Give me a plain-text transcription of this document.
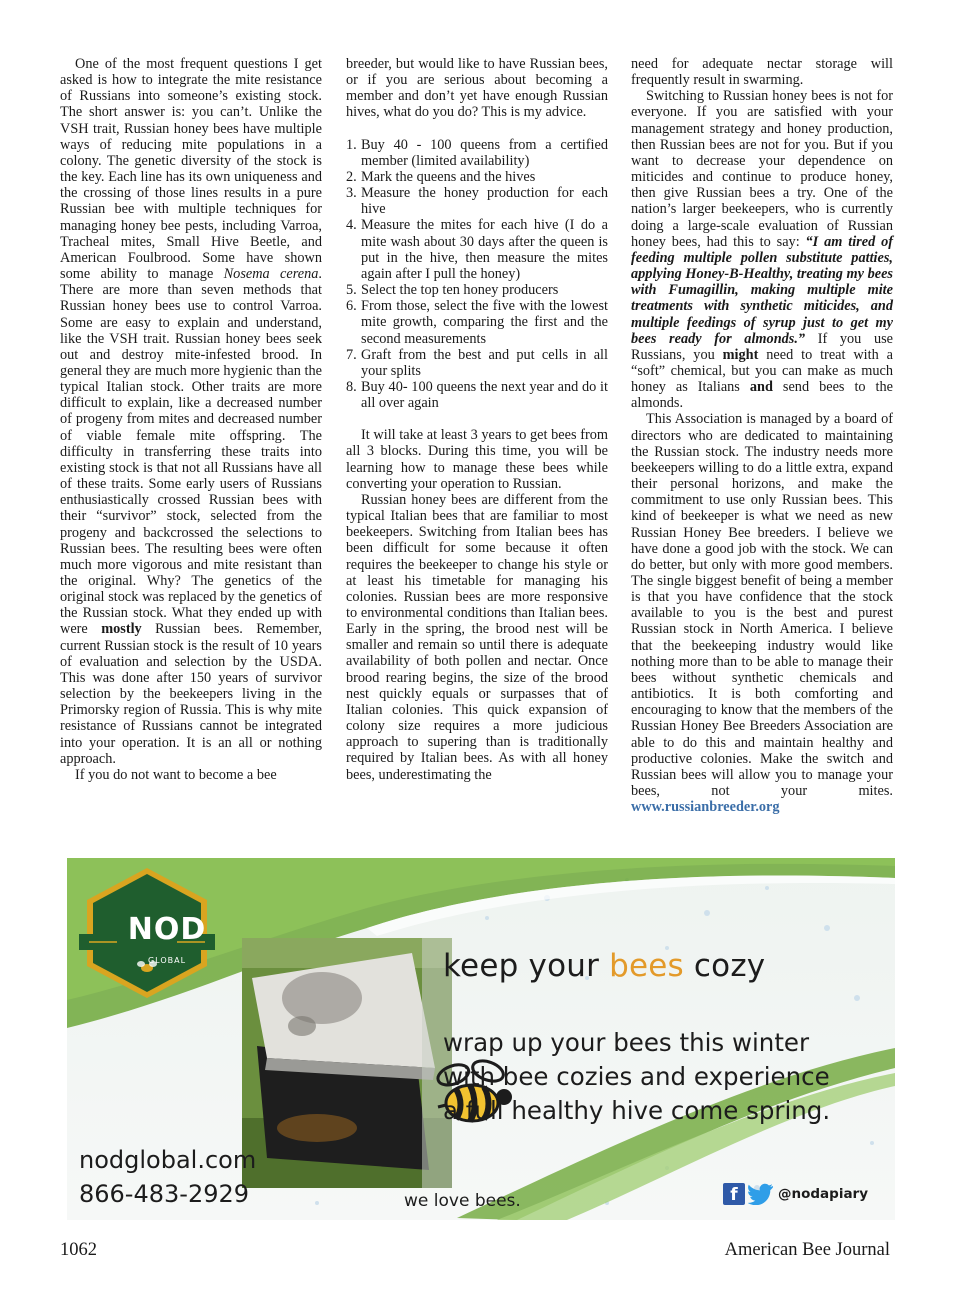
One of the most frequent questions I get asked is how to integrate the mite resistance of Russians into someone’s existing stock. The short answer is: you can’t. Unlike the VSH trait, Russian honey bees have multiple ways of reducing mite populations in a colony. The genetic diversity of the stock is the key. Each line has its own uniqueness and the crossing of those lines results in a pure Russian bee with multiple techniques for managing honey bee pests, including Varroa, Tracheal mites, Small Hive Beetle, and American Foulbrood. Some have shown some ability to manage Nosema cerena. There are more than seven methods that Russian honey bees use to control Varroa. Some are easy to explain and understand, like the VSH trait. Russian honey bees seek out and destroy mite-infested brood. In general they are much more hygienic than the typical Italian stock. Other traits are more difficult to explain, like a decreased number of progeny from mites and decreased number of viable female mite offspring. The difficulty in transferring these traits into existing stock is that not all Russians have all of these traits. Some early users of Russians enthusiastically crossed Russian bees with their “survivor” stock, selected from the progeny and backcrossed the selections to Russian bees. The resulting bees were often much more vigorous and mite resistant than the original. Why? The genetics of the original stock was replaced by the genetics of the Russian stock. What they ended up with were mostly Russian bees. Remember, current Russian stock is the result of 10 years of evaluation and selection by the USDA. This was done after 150 years of survivor selection by the beekeepers living in the Primorsky region of Russia. This is why mite resistance of Russians cannot be integrated into your operation. It is an all or nothing approach.

If you do not want to become a bee

breeder, but would like to have Russian bees, or if you are serious about becoming a member and don’t yet have enough Russian hives, what do you do? This is my advice.

1. Buy 40 - 100 queens from a certified member (limited availability)
2. Mark the queens and the hives
3. Measure the honey production for each hive
4. Measure the mites for each hive (I do a mite wash about 30 days after the queen is put in the hive, then measure the mites again after I pull the honey)
5. Select the top ten honey producers
6. From those, select the five with the lowest mite growth, comparing the first and the second measurements
7. Graft from the best and put cells in all your splits
8. Buy 40- 100 queens the next year and do it all over again

It will take at least 3 years to get bees from all 3 blocks. During this time, you will be learning how to manage these bees while converting your operation to Russian.

Russian honey bees are different from the typical Italian bees that are familiar to most beekeepers. Switching from Italian bees has been difficult for some because it often requires the beekeeper to change his style or at least his timetable for managing his colonies. Russian bees are more responsive to environmental conditions than Italian bees. Early in the spring, the brood nest will be smaller and remain so until there is adequate availability of both pollen and nectar. Once brood rearing begins, the size of the brood nest quickly equals or surpasses that of Italian colonies. This quick expansion of colony size requires a more judicious approach to supering than is traditionally required by Italian bees. As with all honey bees, underestimating the

need for adequate nectar storage will frequently result in swarming.

Switching to Russian honey bees is not for everyone. If you are satisfied with your management strategy and honey production, then Russian bees are not for you. But if you want to decrease your dependence on miticides and continue to produce honey, then give Russian bees a try. One of the nation’s larger beekeepers, who is currently doing a large-scale evaluation of Russian honey bees, had this to say: “I am tired of feeding multiple pollen substitute patties, applying Honey-B-Healthy, treating my bees with Fumagillin, making multiple mite treatments with synthetic miticides, and multiple feedings of syrup just to get my bees ready for almonds.” If you use Russians, you might need to treat with a “soft” chemical, but you can make as much honey as Italians and send bees to the almonds.

This Association is managed by a board of directors who are dedicated to maintaining the Russian stock. The industry needs more beekeepers willing to do a little extra, expand their personal horizons, and make the commitment to use only Russian bees. This kind of beekeeper is what we need as new Russian Honey Bee breeders. I believe we have done a good job with the stock. We can do better, but only with more good members. The single biggest benefit of being a member is that you have confidence that the stock available to you is the best and purest Russian stock in North America. I believe that the beekeeping industry would like nothing more than to be able to manage their bees without synthetic chemicals and antibiotics. It is both comforting and encouraging to know that the members of the Russian Honey Bee Breeders Association are able to do this and maintain healthy and productive colonies. Make the switch and Russian bees will allow you to manage your bees, not your mites. www.russianbreeder.org

NOD
GLOBAL	keep your bees cozy
wrap up your bees this winter
with bee cozies and experience
a full healthy hive come spring.
nodglobal.com
866-483-2929	we love bees.	f	@nodapiary
1062	American Bee Journal
